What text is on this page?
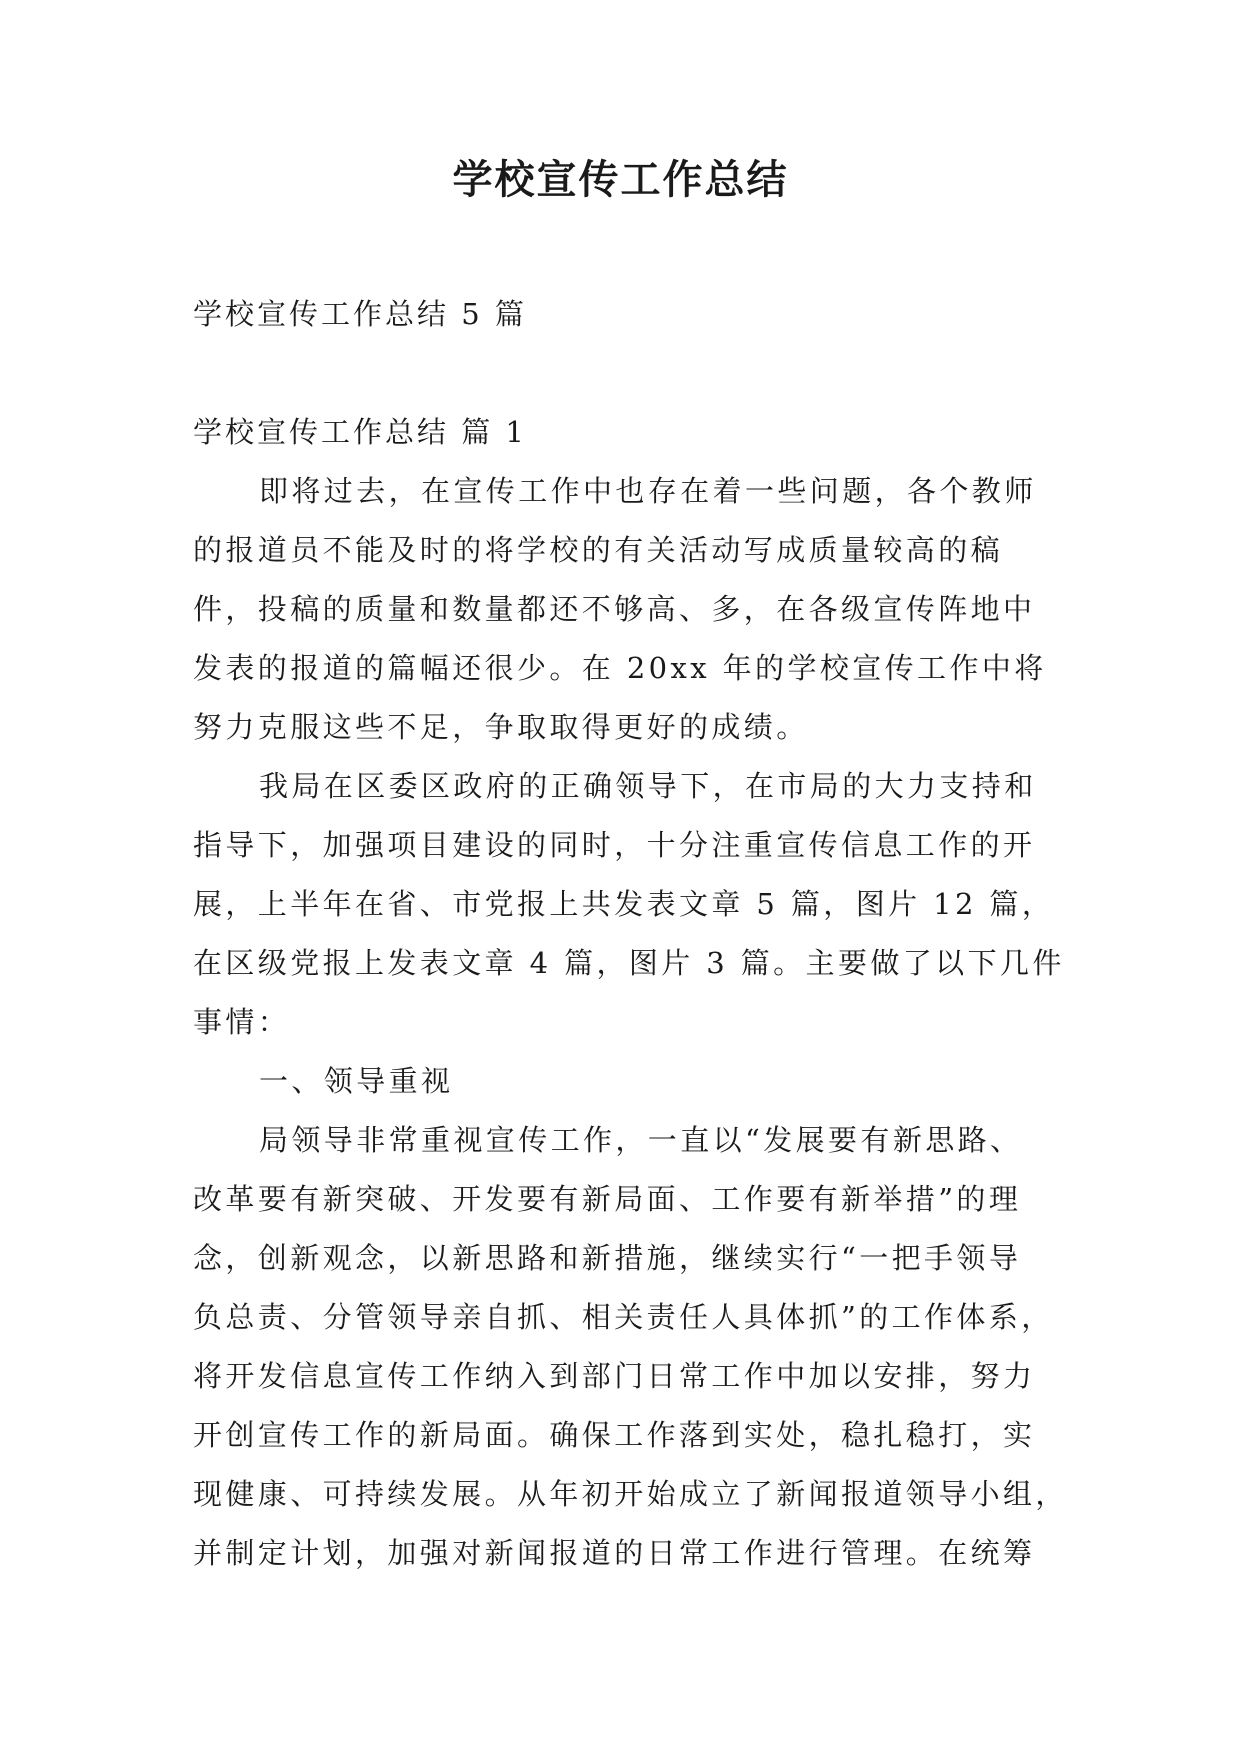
学校宣传工作总结
学校宣传工作总结 5 篇
学校宣传工作总结 篇 1
即将过去，在宣传工作中也存在着一些问题，各个教师
的报道员不能及时的将学校的有关活动写成质量较高的稿
件，投稿的质量和数量都还不够高、多，在各级宣传阵地中
发表的报道的篇幅还很少。在 20xx 年的学校宣传工作中将
努力克服这些不足，争取取得更好的成绩。
我局在区委区政府的正确领导下，在市局的大力支持和
指导下，加强项目建设的同时，十分注重宣传信息工作的开
展，上半年在省、市党报上共发表文章 5 篇，图片 12 篇，
在区级党报上发表文章 4 篇，图片 3 篇。主要做了以下几件
事情：
一、领导重视
局领导非常重视宣传工作，一直以“发展要有新思路、
改革要有新突破、开发要有新局面、工作要有新举措”的理
念，创新观念，以新思路和新措施，继续实行“一把手领导
负总责、分管领导亲自抓、相关责任人具体抓”的工作体系，
将开发信息宣传工作纳入到部门日常工作中加以安排，努力
开创宣传工作的新局面。确保工作落到实处，稳扎稳打，实
现健康、可持续发展。从年初开始成立了新闻报道领导小组，
并制定计划，加强对新闻报道的日常工作进行管理。在统筹
